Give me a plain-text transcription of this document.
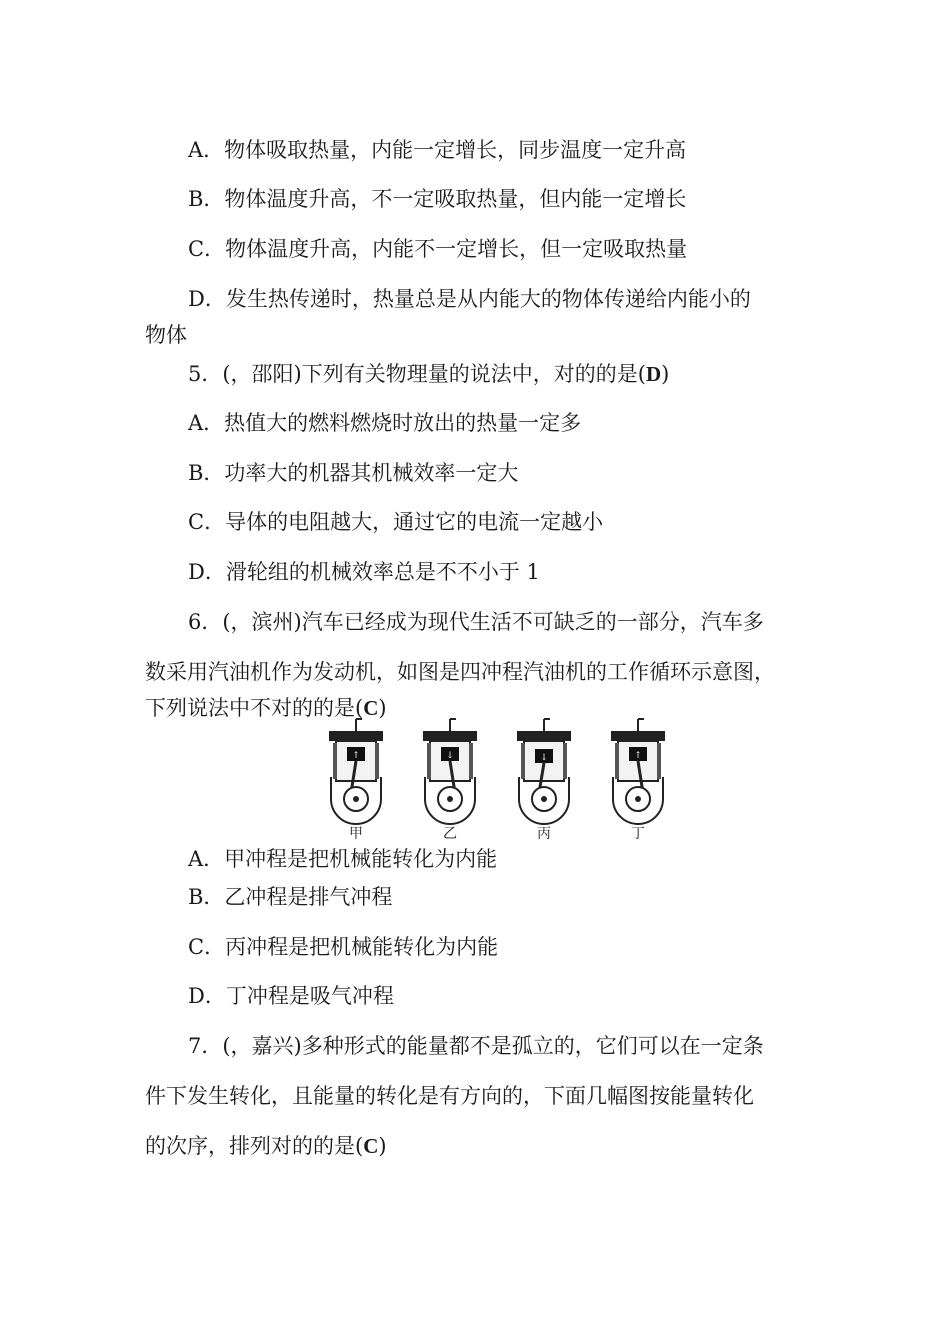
A．物体吸取热量，内能一定增长，同步温度一定升高
B．物体温度升高，不一定吸取热量，但内能一定增长
C．物体温度升高，内能不一定增长，但一定吸取热量
D．发生热传递时，热量总是从内能大的物体传递给内能小的
物体
5．(，邵阳)下列有关物理量的说法中，对的的是(D)
A．热值大的燃料燃烧时放出的热量一定多
B．功率大的机器其机械效率一定大
C．导体的电阻越大，通过它的电流一定越小
D．滑轮组的机械效率总是不不小于 1
6．(，滨州)汽车已经成为现代生活不可缺乏的一部分，汽车多
数采用汽油机作为发动机，如图是四冲程汽油机的工作循环示意图，
下列说法中不对的的是(C)
↑
甲
↓
乙
↓
丙
↑
丁
A．甲冲程是把机械能转化为内能
B．乙冲程是排气冲程
C．丙冲程是把机械能转化为内能
D．丁冲程是吸气冲程
7．(，嘉兴)多种形式的能量都不是孤立的，它们可以在一定条
件下发生转化，且能量的转化是有方向的，下面几幅图按能量转化
的次序，排列对的的是(C)
